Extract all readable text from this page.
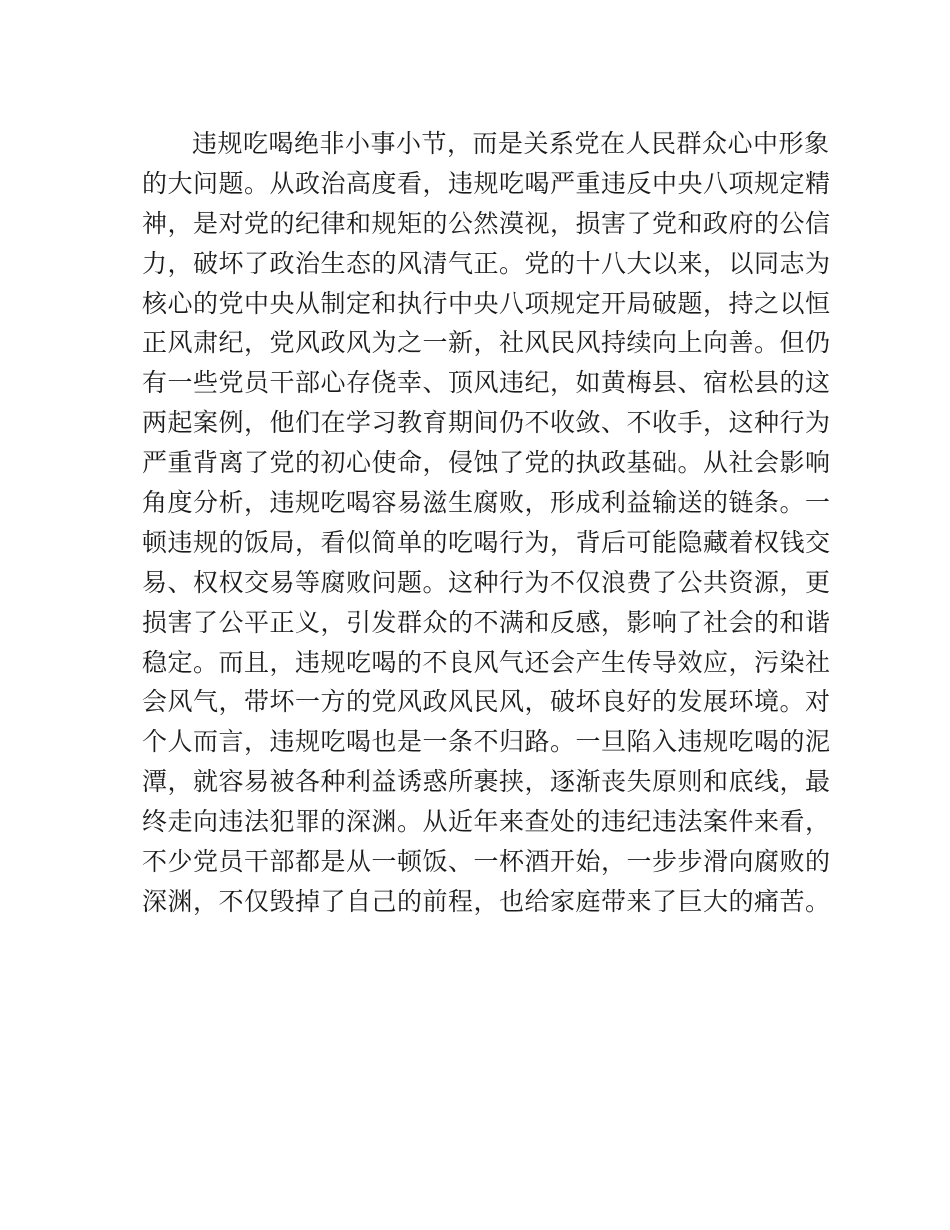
违规吃喝绝非小事小节，而是关系党在人民群众心中形象
的大问题。从政治高度看，违规吃喝严重违反中央八项规定精
神，是对党的纪律和规矩的公然漠视，损害了党和政府的公信
力，破坏了政治生态的风清气正。党的十八大以来，以同志为
核心的党中央从制定和执行中央八项规定开局破题，持之以恒
正风肃纪，党风政风为之一新，社风民风持续向上向善。但仍
有一些党员干部心存侥幸、顶风违纪，如黄梅县、宿松县的这
两起案例，他们在学习教育期间仍不收敛、不收手，这种行为
严重背离了党的初心使命，侵蚀了党的执政基础。从社会影响
角度分析，违规吃喝容易滋生腐败，形成利益输送的链条。一
顿违规的饭局，看似简单的吃喝行为，背后可能隐藏着权钱交
易、权权交易等腐败问题。这种行为不仅浪费了公共资源，更
损害了公平正义，引发群众的不满和反感，影响了社会的和谐
稳定。而且，违规吃喝的不良风气还会产生传导效应，污染社
会风气，带坏一方的党风政风民风，破坏良好的发展环境。对
个人而言，违规吃喝也是一条不归路。一旦陷入违规吃喝的泥
潭，就容易被各种利益诱惑所裹挟，逐渐丧失原则和底线，最
终走向违法犯罪的深渊。从近年来查处的违纪违法案件来看，
不少党员干部都是从一顿饭、一杯酒开始，一步步滑向腐败的
深渊，不仅毁掉了自己的前程，也给家庭带来了巨大的痛苦。
